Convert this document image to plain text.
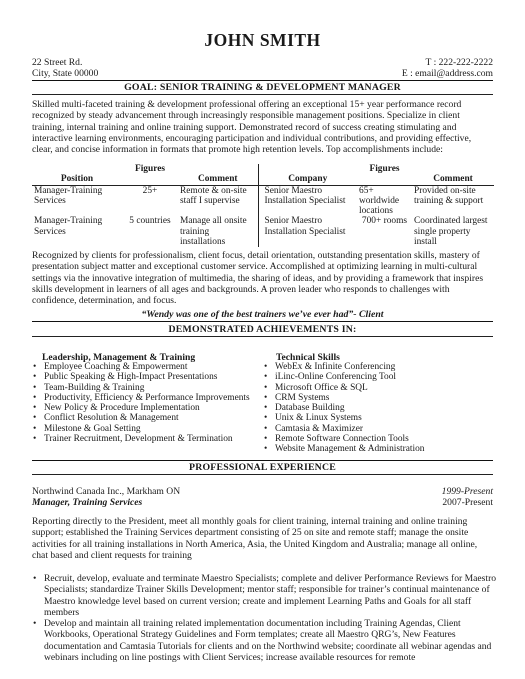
JOHN SMITH
22 Street Rd.
City, State 00000
T : 222-222-2222
E : email@address.com
GOAL: SENIOR TRAINING & DEVELOPMENT MANAGER
Skilled multi-faceted training & development professional offering an exceptional 15+ year performance record recognized by steady advancement through increasingly responsible management positions. Specialize in client training, internal training and online training support. Demonstrated record of success creating stimulating and interactive learning environments, encouraging participation and individual contributions, and providing effective, clear, and concise information in formats that promote high retention levels. Top accomplishments include:
	Figures			Figures	
Position		Comment	Company		Comment
Manager-Training Services	25+	Remote & on-site staff I supervise	Senior Maestro Installation Specialist	65+ worldwide locations	Provided on-site training & support
Manager-Training Services	5 countries	Manage all onsite training installations	Senior Maestro Installation Specialist	700+ rooms	Coordinated largest single property install
Recognized by clients for professionalism, client focus, detail orientation, outstanding presentation skills, mastery of presentation subject matter and exceptional customer service. Accomplished at optimizing learning in multi-cultural settings via the innovative integration of multimedia, the sharing of ideas, and by providing a framework that inspires skills development in learners of all ages and backgrounds. A proven leader who responds to challenges with confidence, determination, and focus.
“Wendy was one of the best trainers we’ve ever had”- Client
DEMONSTRATED ACHIEVEMENTS IN:
Leadership, Management & Training
• Employee Coaching & Empowerment
• Public Speaking & High-Impact Presentations
• Team-Building & Training
• Productivity, Efficiency & Performance Improvements
• New Policy & Procedure Implementation
• Conflict Resolution & Management
• Milestone & Goal Setting
• Trainer Recruitment, Development & Termination
Technical Skills
• WebEx & Infinite Conferencing
• iLinc-Online Conferencing Tool
• Microsoft Office & SQL
• CRM Systems
• Database Building
• Unix & Linux Systems
• Camtasia & Maximizer
• Remote Software Connection Tools
• Website Management & Administration
PROFESSIONAL EXPERIENCE
Northwind Canada Inc., Markham ON	1999-Present
Manager, Training Services	2007-Present
Reporting directly to the President, meet all monthly goals for client training, internal training and online training support; established the Training Services department consisting of 25 on site and remote staff; manage the onsite activities for all training installations in North America, Asia, the United Kingdom and Australia; manage all online, chat based and client requests for training
• Recruit, develop, evaluate and terminate Maestro Specialists; complete and deliver Performance Reviews for Maestro Specialists; standardize Trainer Skills Development; mentor staff; responsible for trainer’s continual maintenance of Maestro knowledge level based on current version; create and implement Learning Paths and Goals for all staff members
• Develop and maintain all training related implementation documentation including Training Agendas, Client Workbooks, Operational Strategy Guidelines and Form templates; create all Maestro QRG’s, New Features documentation and Camtasia Tutorials for clients and on the Northwind website; coordinate all webinar agendas and webinars including on line postings with Client Services; increase available resources for remote
